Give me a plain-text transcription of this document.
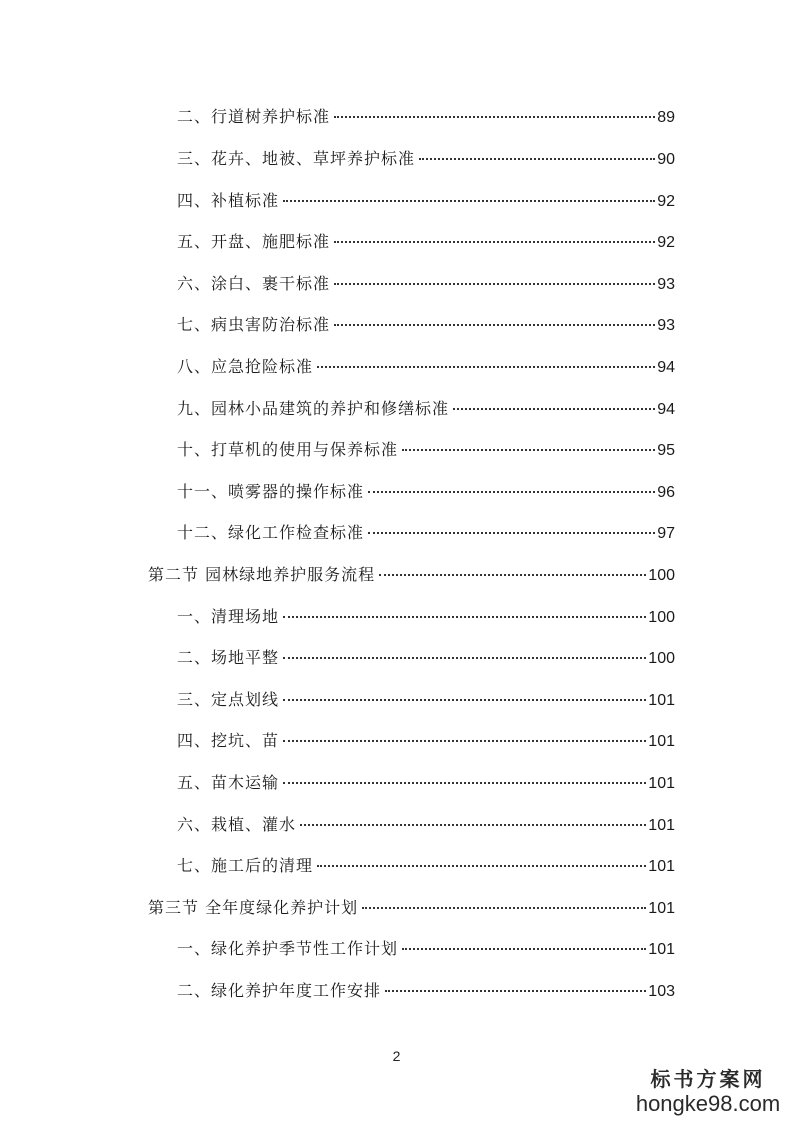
二、行道树养护标准	89
三、花卉、地被、草坪养护标准	90
四、补植标准	92
五、开盘、施肥标准	92
六、涂白、裹干标准	93
七、病虫害防治标准	93
八、应急抢险标准	94
九、园林小品建筑的养护和修缮标准	94
十、打草机的使用与保养标准	95
十一、喷雾器的操作标准	96
十二、绿化工作检查标准	97
第二节 园林绿地养护服务流程	100
一、清理场地	100
二、场地平整	100
三、定点划线	101
四、挖坑、苗	101
五、苗木运输	101
六、栽植、灌水	101
七、施工后的清理	101
第三节 全年度绿化养护计划	101
一、绿化养护季节性工作计划	101
二、绿化养护年度工作安排	103
2
标书方案网
hongke98.com
